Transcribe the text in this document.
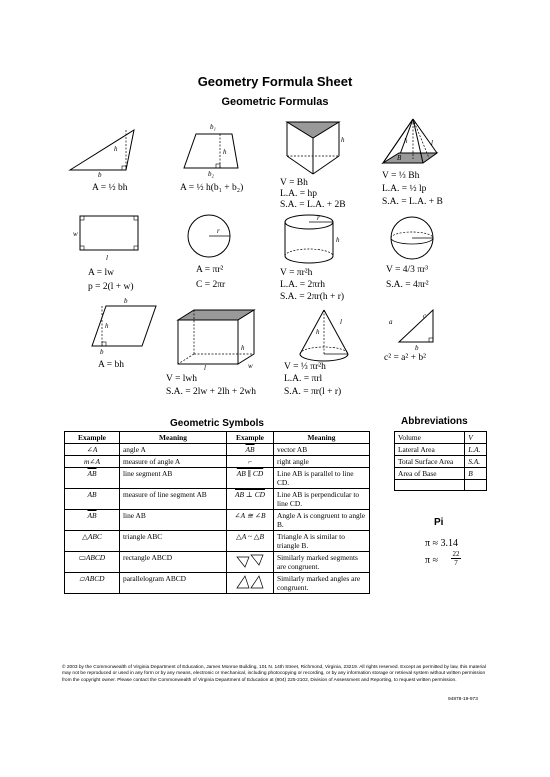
Geometry Formula Sheet
Geometric Formulas
h
b
b₁
h
b₂
h	h	l
B
A = ½ bh	A = ½ h(b₁ + b₂)	V = Bh
L.A. = hp
S.A. = L.A. + 2B
V = ⅓ Bh
L.A. = ½ lp
S.A. = L.A. + B
w
l
r
r
h
A = lw
p = 2(l + w)
A = πr²
C = 2πr
V = πr²h
L.A. = 2πrh
S.A. = 2πr(h + r)
V = 4/3 πr³
S.A. = 4πr²
b
h
b	h
l	w
h
l	a
c
b
A = bh
V = lwh
S.A. = 2lw + 2lh + 2wh
V = ⅓ πr²h
L.A. = πrl
S.A. = πr(l + r)
c² = a² + b²
Geometric Symbols	Abbreviations
Example	Meaning	Example	Meaning
∠A	angle A	$\overline{AB}$	vector AB
m∠A	measure of angle A	⌐	right angle
$\overline{AB}$	line segment AB	AB ∥ CD	Line AB is parallel to line CD.
AB	measure of line segment AB	AB ⊥ CD	Line AB is perpendicular to line CD.
$\overline{AB}$	line AB	∠A ≅ ∠B	Angle A is congruent to angle B.
△ABC	triangle ABC	△A ~ △B	Triangle A is similar to triangle B.
▭ABCD	rectangle ABCD		Similarly marked segments are congruent.
▱ABCD	parallelogram ABCD		Similarly marked angles are congruent.
Volume	V
Lateral Area	L.A.
Total Surface Area	S.A.
Area of Base	B

Pi
π ≈ 3.14
$\pi \approx \frac{22}{7}$
© 2003 by the Commonwealth of Virginia Department of Education, James Monroe Building, 101 N. 14th Street, Richmond, Virginia, 23219. All rights reserved. Except as permitted by law, this material may not be reproduced or used in any form or by any means, electronic or mechanical, including photocopying or recording, or by any information storage or retrieval system without written permission from the copyright owner. Please contact the Commonwealth of Virginia Department of Education at (804) 225-2102, Division of Assessment and Reporting, to request written permission.
94878-19-973
